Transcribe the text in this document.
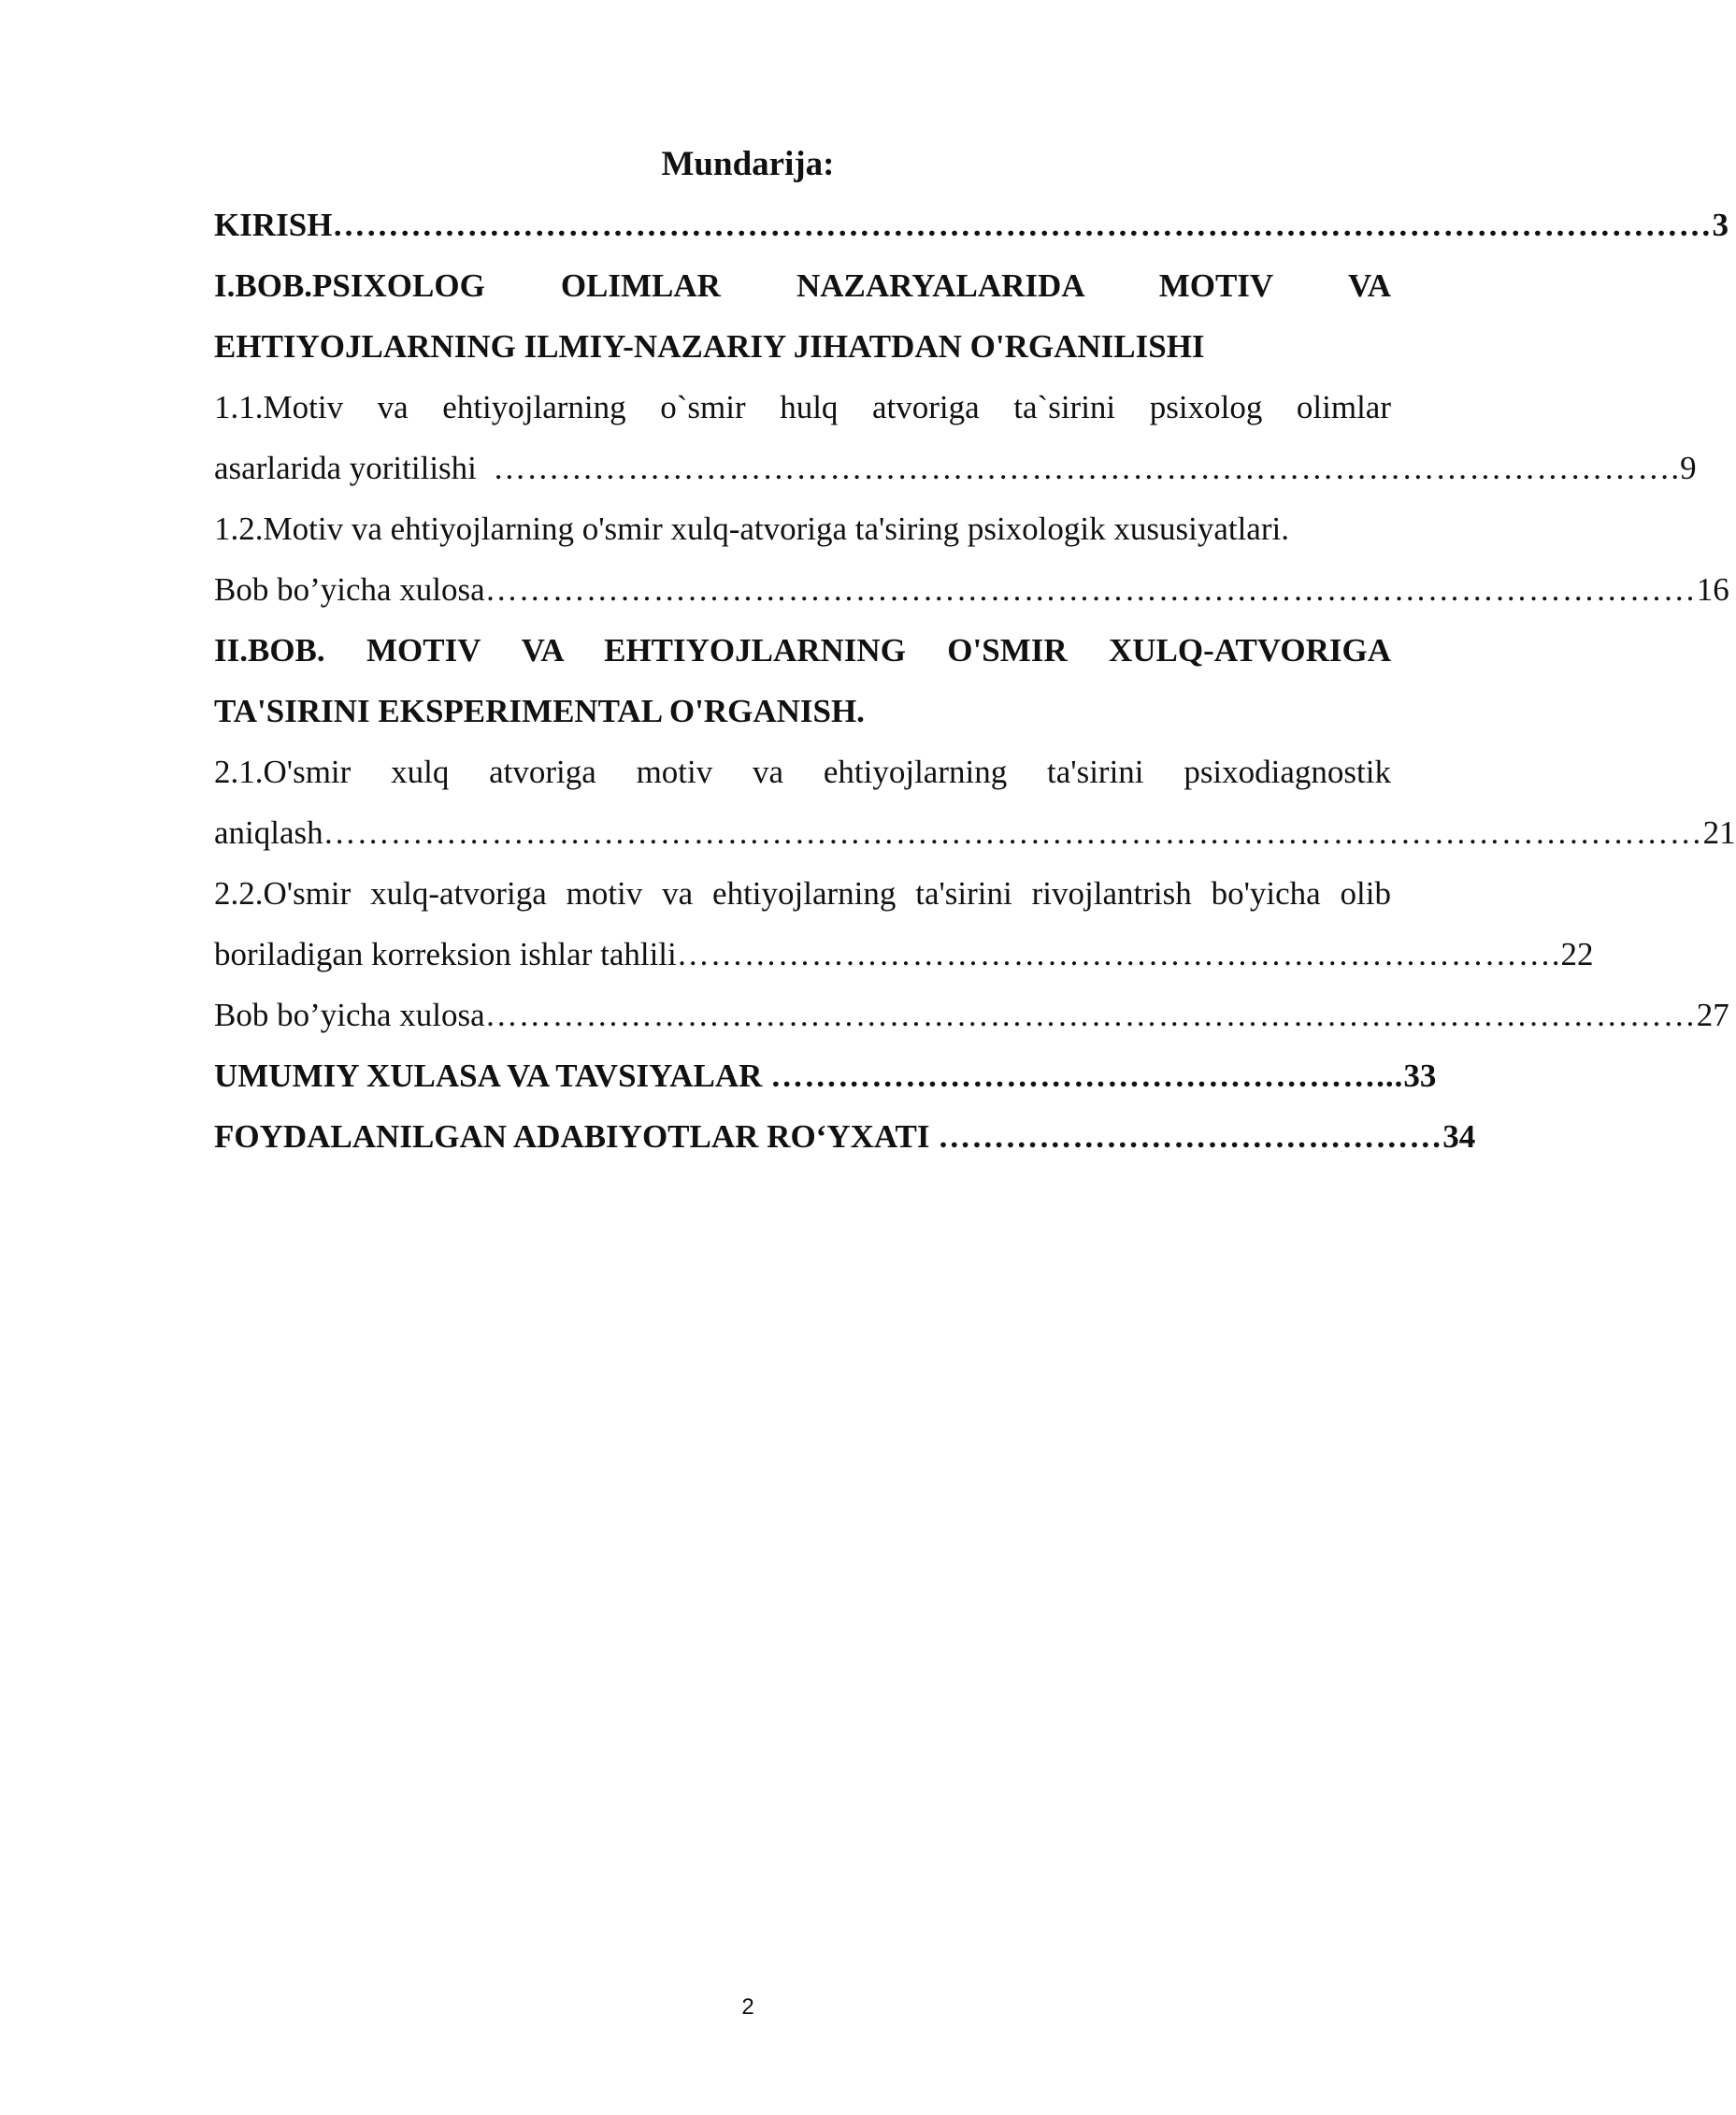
Mundarija:
KIRISH …………………………………………………………………………………………………………… 3
I.BOB.PSIXOLOG OLIMLAR NAZARYALARIDA MOTIV VA
EHTIYOJLARNING ILMIY-NAZARIY JIHATDAN O'RGANILISHI
1.1.Motiv va ehtiyojlarning o`smir hulq atvoriga ta`sirini psixolog olimlar
asarlarida yoritilishi ……………………………………………………………………………………………. 9
1.2.Motiv va ehtiyojlarning o'smir xulq-atvoriga ta'siring psixologik xususiyatlari.
Bob bo’yicha xulosa ……………………………………………………………………………………………… 16
II.BOB. MOTIV VA EHTIYOJLARNING O'SMIR XULQ-ATVORIGA
TA'SIRINI EKSPERIMENTAL O'RGANISH.
2.1.O'smir xulq atvoriga motiv va ehtiyojlarning ta'sirini psixodiagnostik
aniqlash …………………………………………………………………………………………………………… 21
2.2.O'smir xulq-atvoriga motiv va ehtiyojlarning ta'sirini rivojlantrish bo'yicha olib
boriladigan korreksion ishlar tahlili ……………………………………………………………………. 22
Bob bo’yicha xulosa ……………………………………………………………………………………………… 27
UMUMIY XULASA VA TAVSIYALAR ………………………………………………... 33
FOYDALANILGAN ADABIYOTLAR RO‘YXATI ……………………………………… 34
2
